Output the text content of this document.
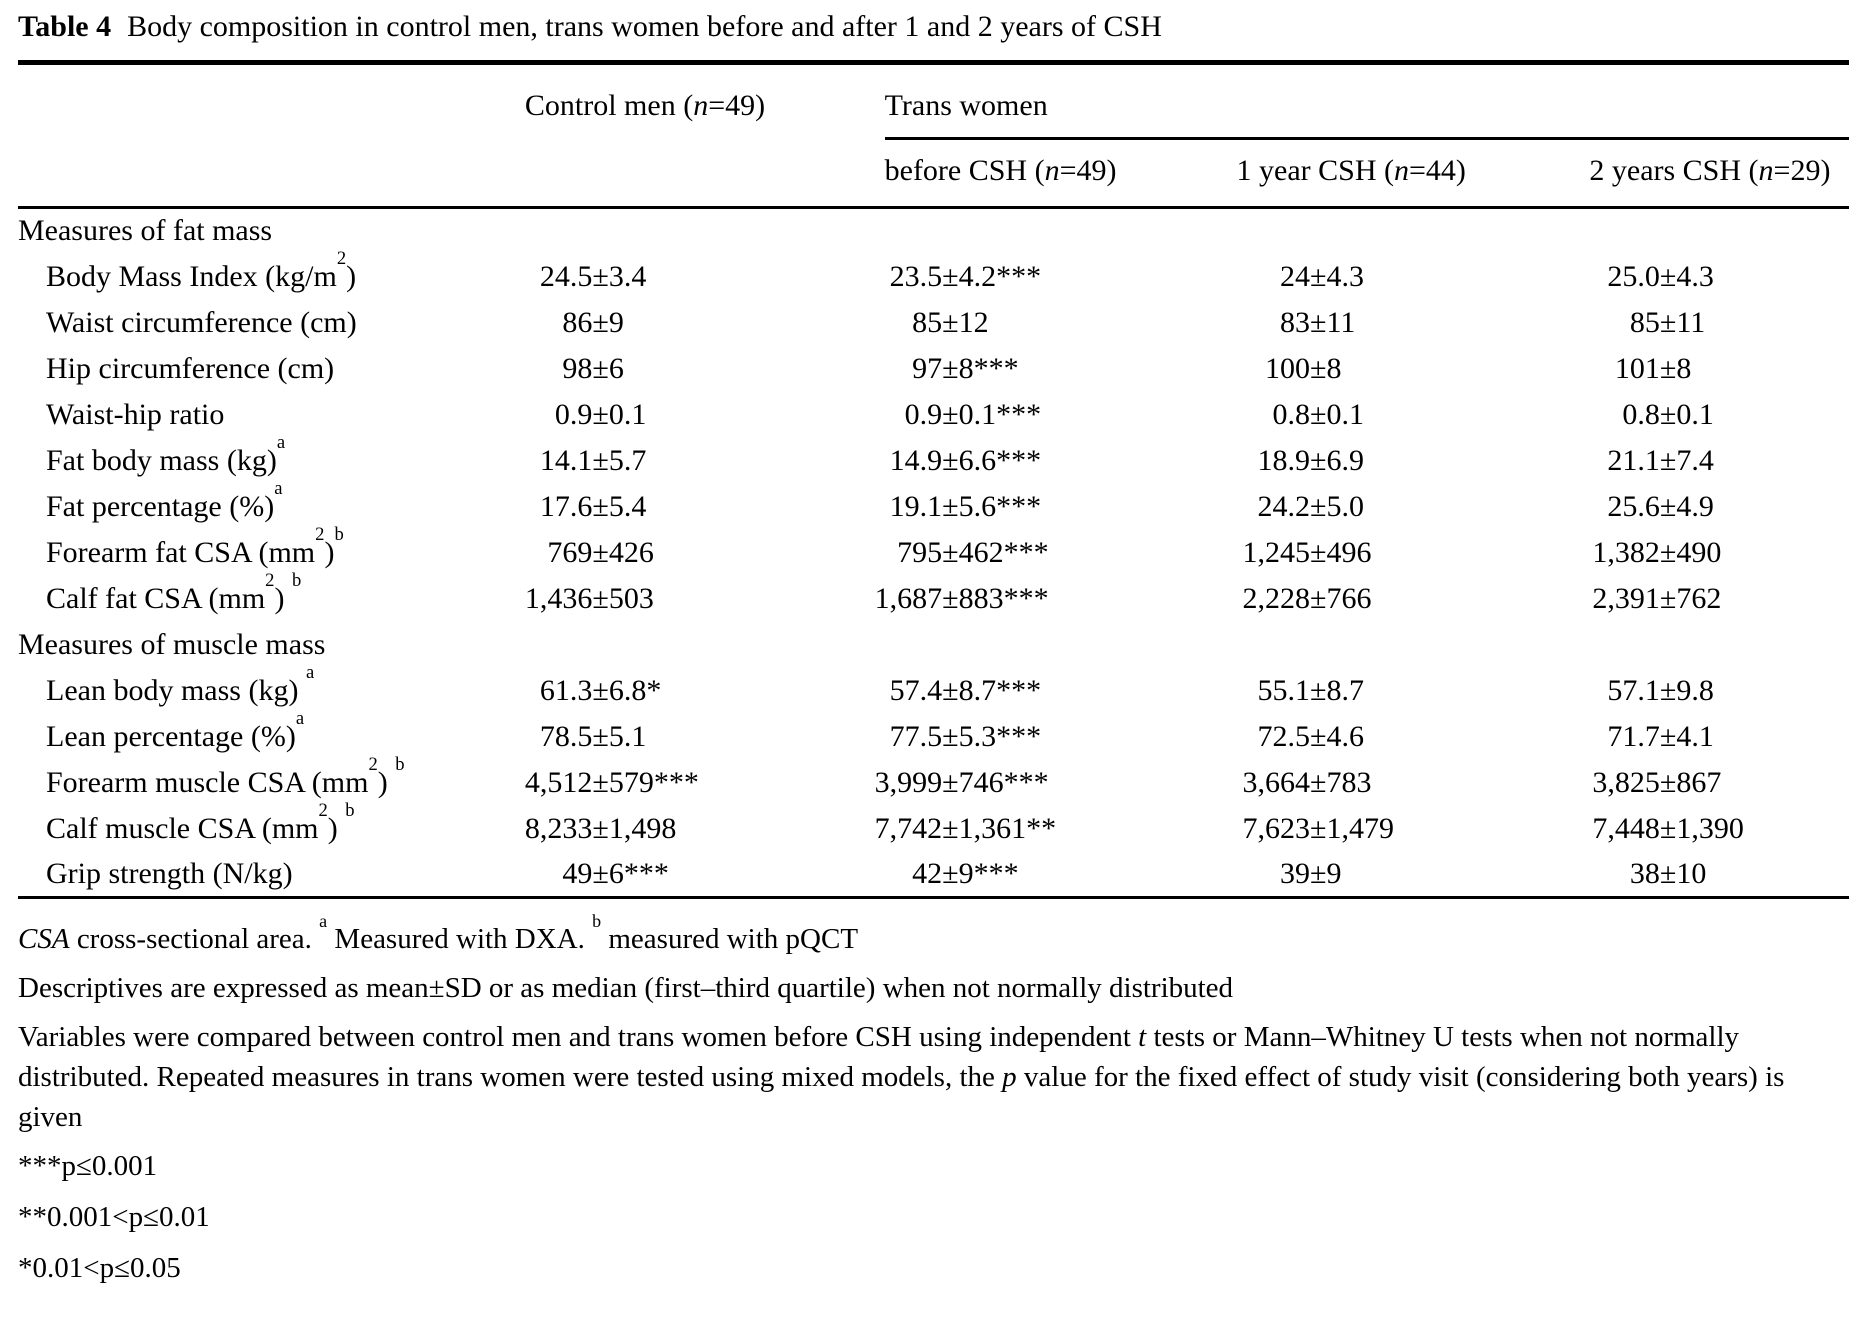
Table 4 Body composition in control men, trans women before and after 1 and 2 years of CSH

	Control men (n=49)	Trans women		

		before CSH (n=49)	1 year CSH (n=44)	2 years CSH (n=29)

Measures of fat mass				
Body Mass Index $(kg/m^2)$	24.5±3.4	23.5±4.2***	24±4.3	25.0±4.3
Waist circumference (cm)	86±9	85±12	83±11	85±11
Hip circumference (cm)	98±6	97±8***	100±8	101±8
Waist-hip ratio	0.9±0.1	0.9±0.1***	0.8±0.1	0.8±0.1
Fat body mass (kg)$^a$	14.1±5.7	14.9±6.6***	18.9±6.9	21.1±7.4
Fat percentage (%)$^a$	17.6±5.4	19.1±5.6***	24.2±5.0	25.6±4.9
Forearm fat CSA $(mm^2)^b$	769±426	795±462***	1,245±496	1,382±490
Calf fat CSA $(mm^2)$ $^b$	1,436±503	1,687±883***	2,228±766	2,391±762
Measures of muscle mass				
Lean body mass (kg) $^a$	61.3±6.8*	57.4±8.7***	55.1±8.7	57.1±9.8
Lean percentage (%)$^a$	78.5±5.1	77.5±5.3***	72.5±4.6	71.7±4.1
Forearm muscle CSA $(mm^2)$ $^b$	4,512±579***	3,999±746***	3,664±783	3,825±867
Calf muscle CSA $(mm^2)$ $^b$	8,233±1,498	7,742±1,361**	7,623±1,479	7,448±1,390
Grip strength (N/kg)	49±6***	42±9***	39±9	38±10

CSA cross-sectional area. $^a$ Measured with DXA. $^b$ measured with pQCT

Descriptives are expressed as mean±SD or as median (first–third quartile) when not normally distributed

Variables were compared between control men and trans women before CSH using independent t tests or Mann–Whitney U tests when not normally distributed. Repeated measures in trans women were tested using mixed models, the p value for the fixed effect of study visit (considering both years) is given

***p≤0.001

**0.001<p≤0.01

*0.01<p≤0.05
